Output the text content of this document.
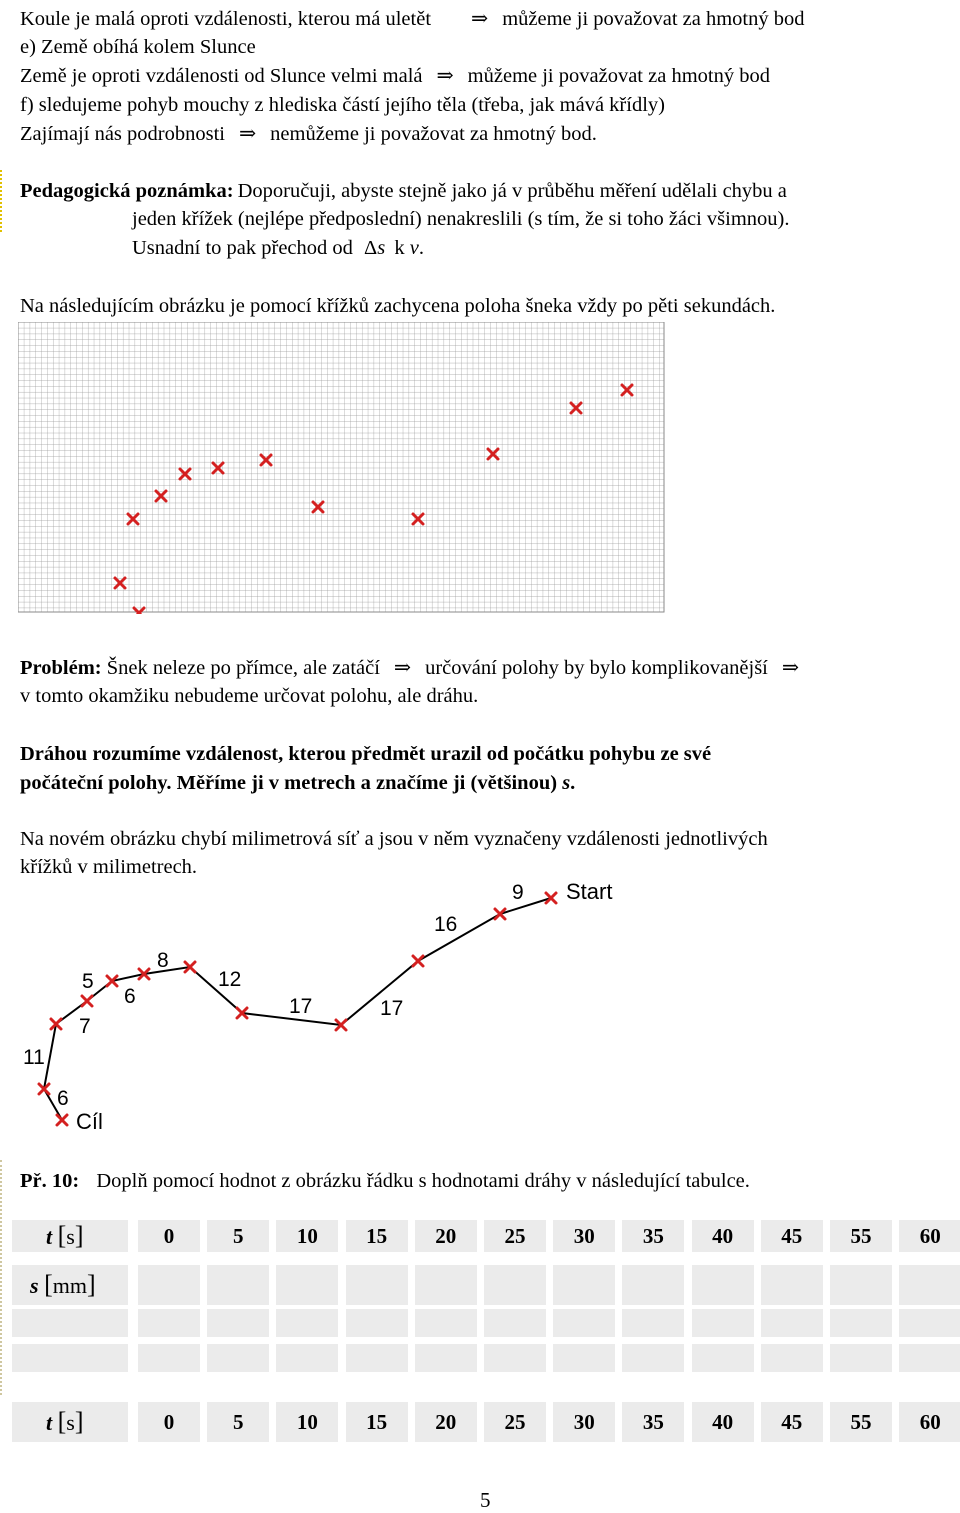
Koule je malá oproti vzdálenosti, kterou má uletět ⇒ můžeme ji považovat za hmotný bod
e) Země obíhá kolem Slunce
Země je oproti vzdálenosti od Slunce velmi malá ⇒ můžeme ji považovat za hmotný bod
f) sledujeme pohyb mouchy z hlediska částí jejího těla (třeba, jak mává křídly)
Zajímají nás podrobnosti ⇒ nemůžeme ji považovat za hmotný bod.
Pedagogická poznámka: Doporučuji, abyste stejně jako já v průběhu měření udělali chybu a
jeden křížek (nejlépe předposlední) nenakreslili (s tím, že si toho žáci všimnou).
Usnadní to pak přechod od Δs k v.
Na následujícím obrázku je pomocí křížků zachycena poloha šneka vždy po pěti sekundách.
Problém: Šnek neleze po přímce, ale zatáčí ⇒ určování polohy by bylo komplikovanější ⇒
v tomto okamžiku nebudeme určovat polohu, ale dráhu.
Dráhou rozumíme vzdálenost, kterou předmět urazil od počátku pohybu ze své
počáteční polohy. Měříme ji v metrech a značíme ji (většinou) s.
Na novém obrázku chybí milimetrová síť a jsou v něm vyznačeny vzdálenosti jednotlivých
křížků v milimetrech.
9 Start
16
8
12
5
6	17	17
7
11
6
Cíl
Př. 10: Doplň pomocí hodnot z obrázku řádku s hodnotami dráhy v následující tabulce.
t [s]	0	5	10	15	20	25	30	35	40	45	55	60
s [mm]
t [s]	0	5	10	15	20	25	30	35	40	45	55	60
5
